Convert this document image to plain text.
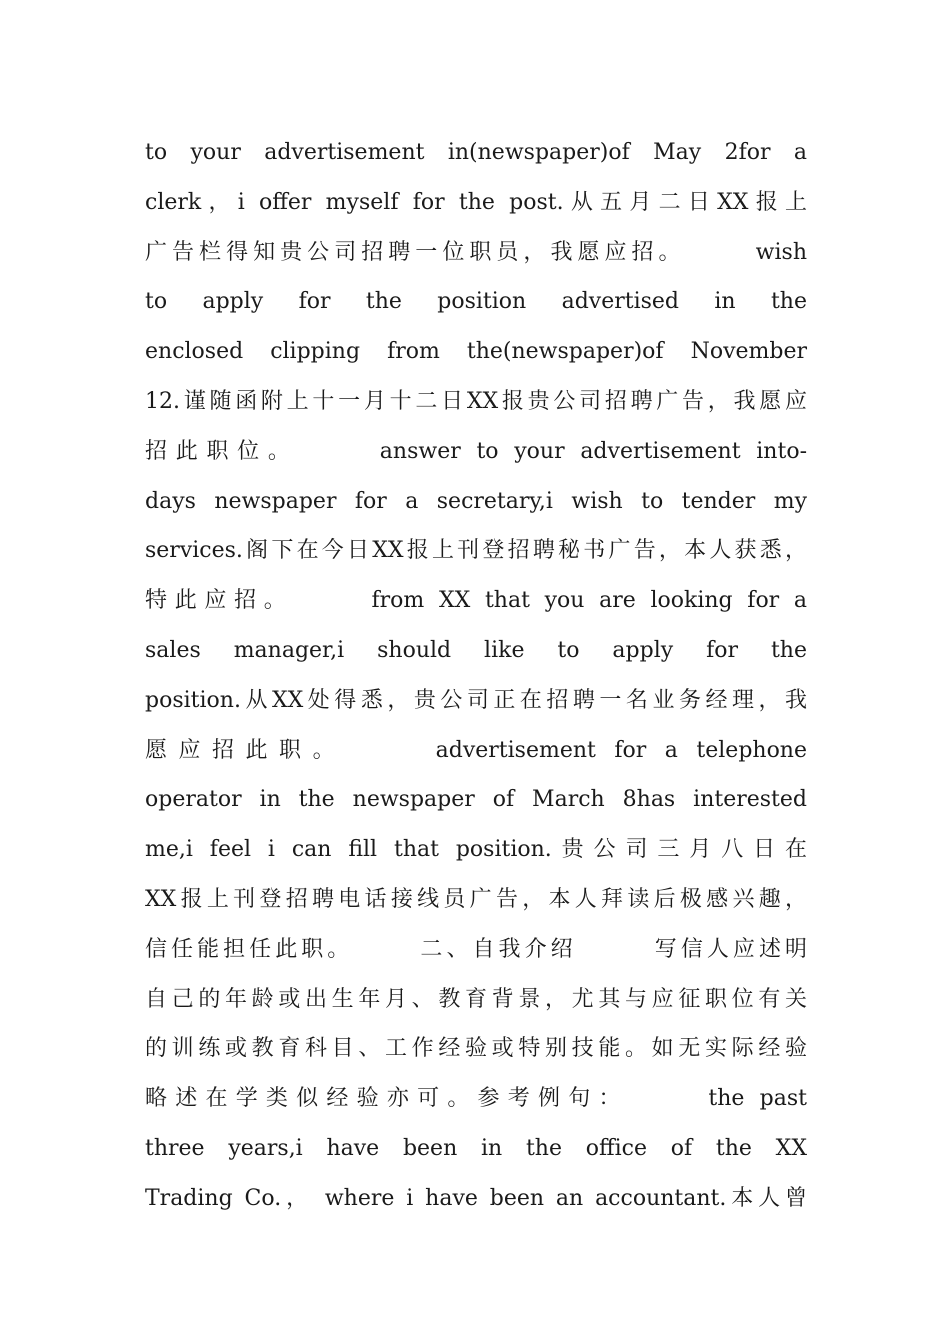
to your advertisement in(newspaper)of May 2for a
clerk，i offer myself for the post.从五月二日XX报上
广告栏得知贵公司招聘一位职员，我愿应招。　　　wish
to apply for the position advertised in the
enclosed clipping from the(newspaper)of November
12.谨随函附上十一月十二日XX报贵公司招聘广告，我愿应
招此职位。　　　answer to your advertisement into-
days newspaper for a secretary,i wish to tender my
services.阁下在今日XX报上刊登招聘秘书广告，本人获悉，
特此应招。　　　from XX that you are looking for a
sales manager,i should like to apply for the
position.从XX处得悉，贵公司正在招聘一名业务经理，我
愿应招此职。　　　advertisement for a telephone
operator in the newspaper of March 8has interested
me,i feel i can fill that position.贵公司三月八日在
XX报上刊登招聘电话接线员广告，本人拜读后极感兴趣，
信任能担任此职。　　　二、自我介绍　　　写信人应述明
自己的年龄或出生年月、教育背景，尤其与应征职位有关
的训练或教育科目、工作经验或特别技能。如无实际经验
略述在学类似经验亦可。参考例句：　　　the past
three years,i have been in the office of the XX
Trading Co.， where i have been an accountant.本人曾
